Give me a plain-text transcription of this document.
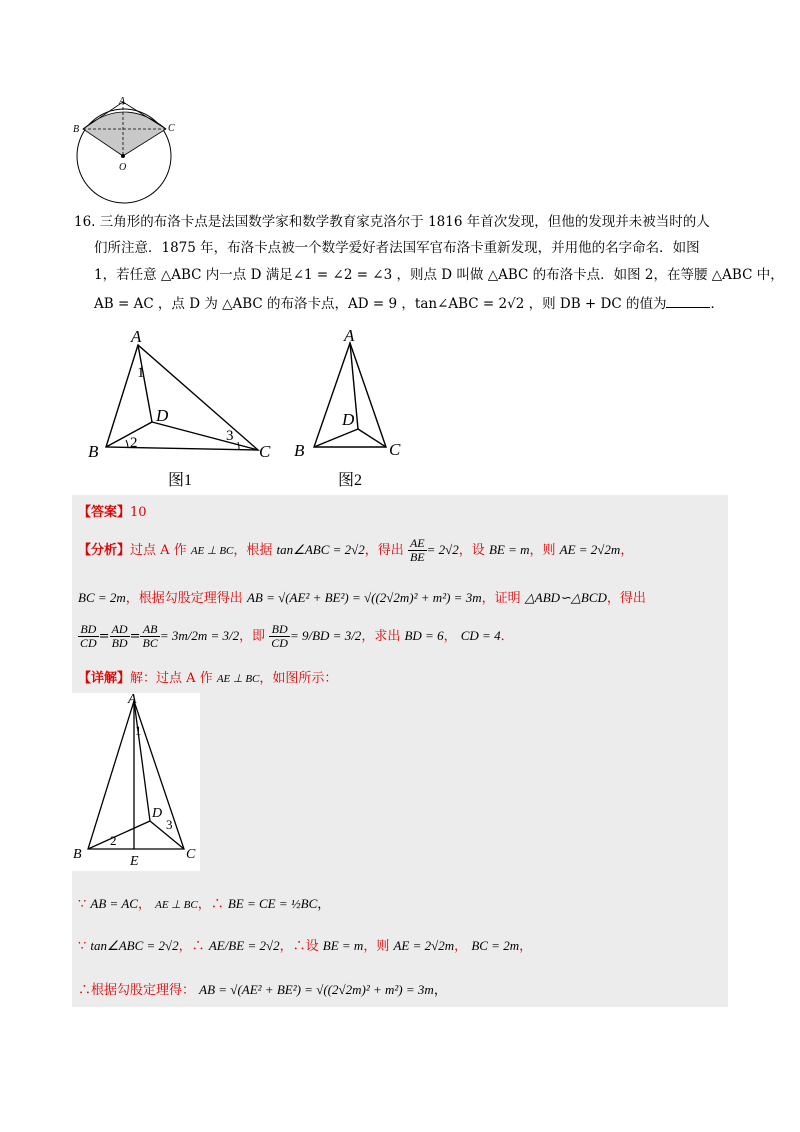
A
B	C
O
16. 三角形的布洛卡点是法国数学家和数学教育家克洛尔于 1816 年首次发现，但他的发现并未被当时的人
们所注意．1875 年，布洛卡点被一个数学爱好者法国军官布洛卡重新发现，并用他的名字命名．如图
1，若任意 △ABC 内一点 D 满足∠1 = ∠2 = ∠3 ，则点 D 叫做 △ABC 的布洛卡点．如图 2，在等腰 △ABC 中，
AB = AC ，点 D 为 △ABC 的布洛卡点，AD = 9 ，tan∠ABC = 2√2 ，则 DB + DC 的值为	．
A
B	C
D
1
2	3
图1
A
B	C
D
图2
【答案】10
【分析】过点 A 作 AE ⊥ BC，根据 tan∠ABC = 2√2，得出 $\frac{AE}{BE} = 2√2$，设 BE = m，则 AE = 2√2m，
BC = 2m，根据勾股定理得出 AB = √(AE² + BE²) = √((2√2m)² + m²) = 3m，证明 △ABD∽△BCD，得出
$\frac{BD}{CD} = \frac{AD}{BD} = \frac{AB}{BC} = 3m/2m = 3/2$，即 $\frac{BD}{CD} = 9/BD = 3/2$，求出 BD = 6， CD = 4．
【详解】解：过点 A 作 AE ⊥ BC，如图所示：
A
B	C
D
E
1
2
3
∵ AB = AC， AE ⊥ BC，∴ BE = CE = ½BC，
∵ tan∠ABC = 2√2，∴ AE/BE = 2√2，∴设 BE = m，则 AE = 2√2m， BC = 2m，
∴根据勾股定理得： AB = √(AE² + BE²) = √((2√2m)² + m²) = 3m，
